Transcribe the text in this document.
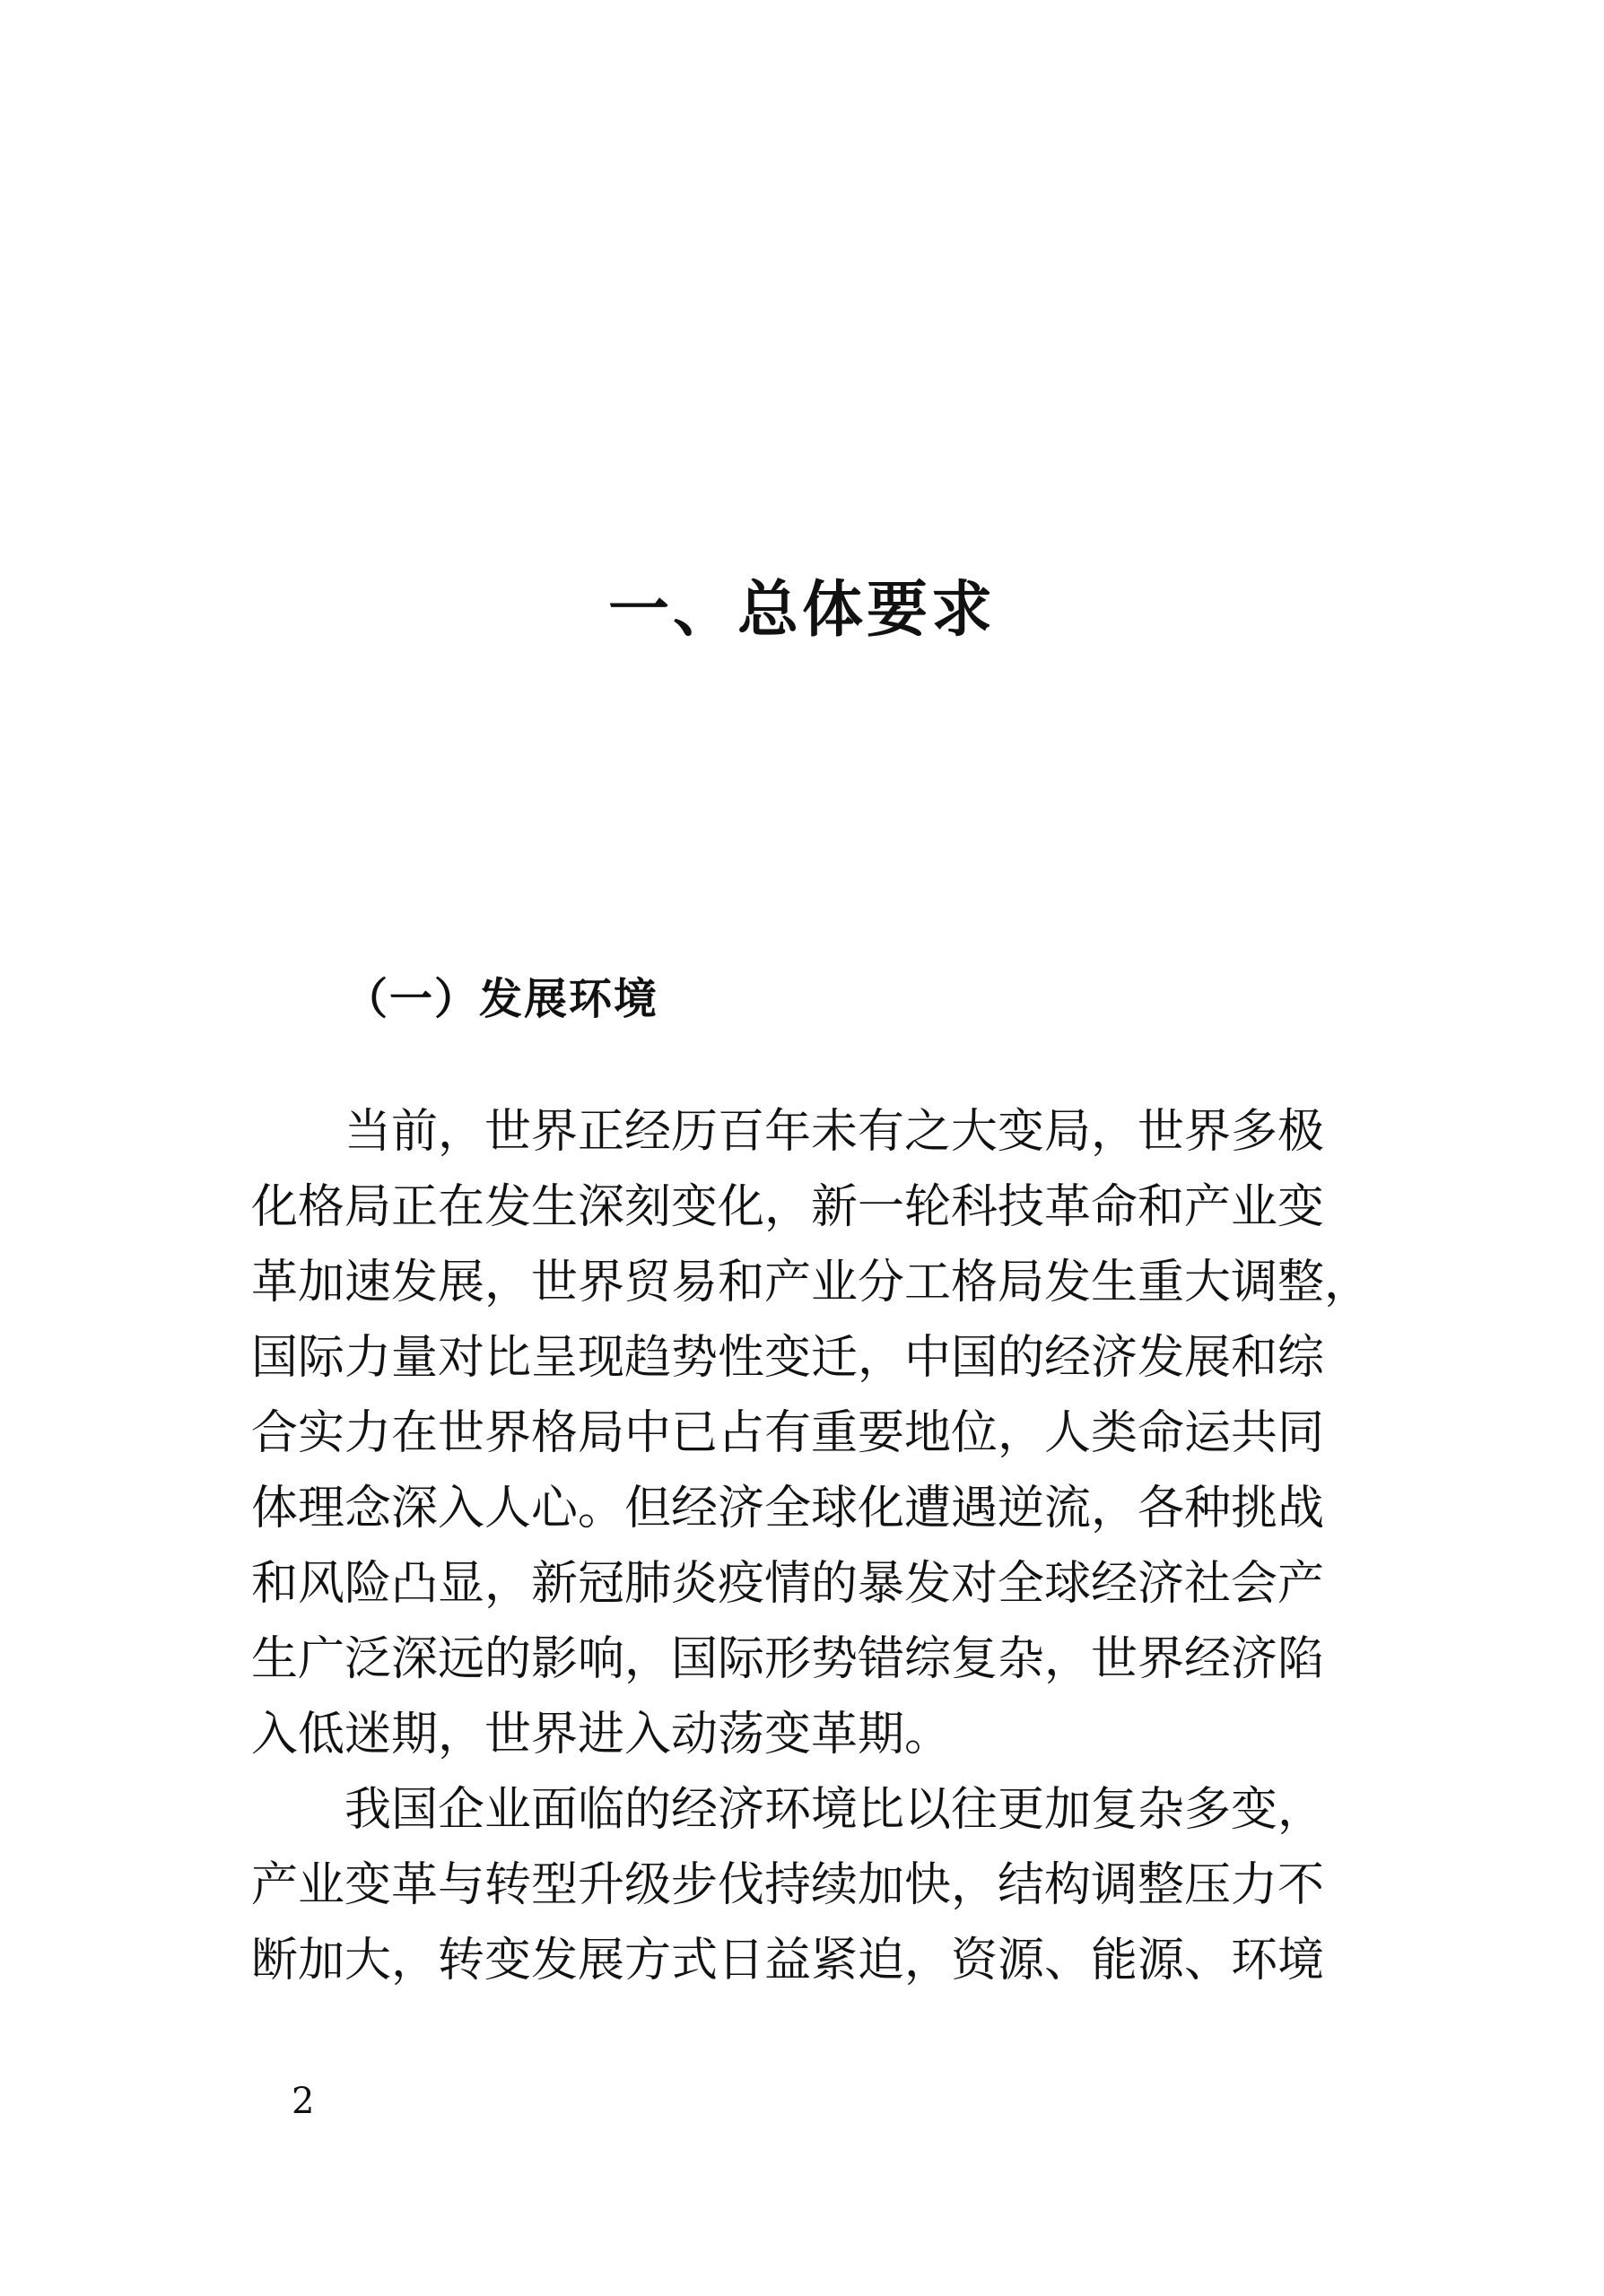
一、总体要求
（一）发展环境
当前，世界正经历百年未有之大变局，世界多极
化格局正在发生深刻变化，新一轮科技革命和产业变
革加速发展，世界贸易和产业分工格局发生重大调整，
国际力量对比呈现趋势性变迁，中国的经济发展和综
合实力在世界格局中已占有重要地位，人类命运共同
体理念深入人心。但经济全球化遭遇逆流，各种挑战
和风险凸显，新冠肺炎疫情的暴发对全球经济社会产
生广泛深远的影响，国际形势错综复杂，世界经济陷
入低迷期，世界进入动荡变革期。
我国企业面临的经济环境比以往更加复杂多变，
产业变革与转型升级步伐持续加快，结构调整压力不
断加大，转变发展方式日益紧迫，资源、能源、环境
2
